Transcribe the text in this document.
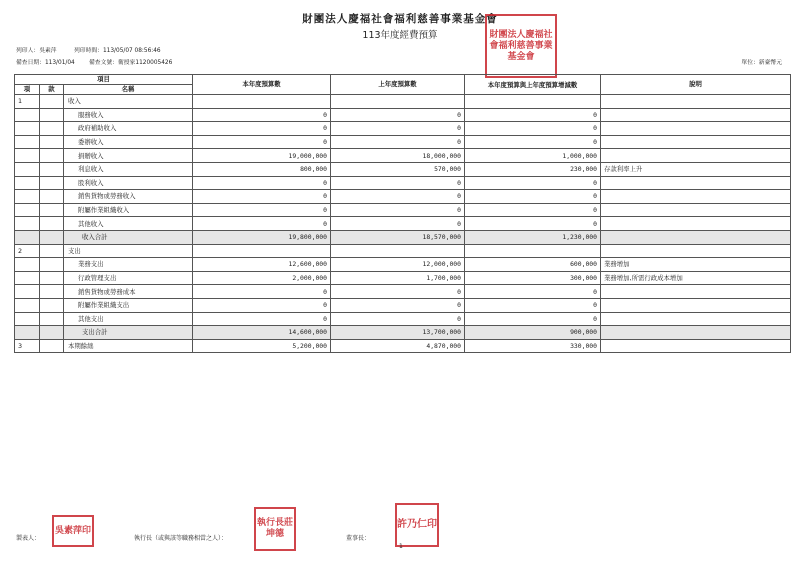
財團法人慶福社會福利慈善事業基金會
113年度經費預算
列印人：吳素萍	列印時間：113/05/07 08:56:46
備查日期：113/01/04 備查文號：衛授家1120005426	單位：新臺幣元
財團法人慶福社會福利慈善事業基金會
項目			本年度預算數	上年度預算數	本年度預算與上年度預算增減數	說明
項	款	名稱				
1		收入				
		服務收入	0	0	0	
		政府補助收入	0	0	0	
		委辦收入	0	0	0	
		捐贈收入	19,000,000	18,000,000	1,000,000	
		利息收入	800,000	570,000	230,000	存款利率上升
		股利收入	0	0	0	
		銷售貨物或勞務收入	0	0	0	
		附屬作業組織收入	0	0	0	
		其他收入	0	0	0	
		收入合計	19,800,000	18,570,000	1,230,000	
2		支出				
		業務支出	12,600,000	12,000,000	600,000	業務增加
		行政管理支出	2,000,000	1,700,000	300,000	業務增加,所需行政成本增加
		銷售貨物或勞務成本	0	0	0	
		附屬作業組織支出	0	0	0	
		其他支出	0	0	0	
		支出合計	14,600,000	13,700,000	900,000	
3		本期餘絀	5,200,000	4,870,000	330,000	
製表人：
吳素萍印
執行長（或與該等職務相當之人）：
執行長莊坤德	董事長：
許乃仁印
1
